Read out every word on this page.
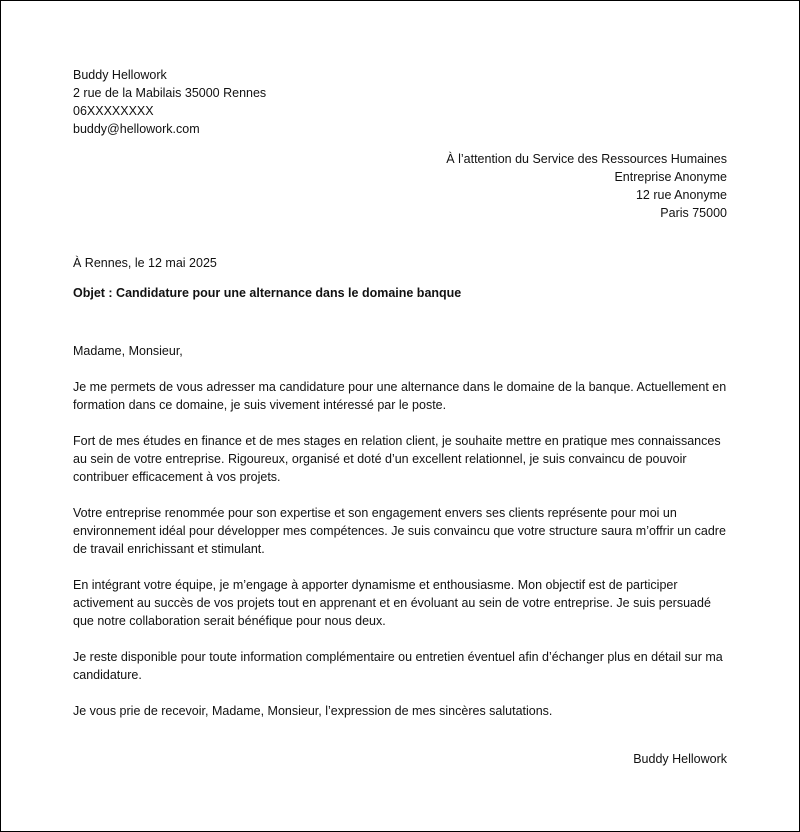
Buddy Hellowork
2 rue de la Mabilais 35000 Rennes
06XXXXXXXX
buddy@hellowork.com
À l’attention du Service des Ressources Humaines
Entreprise Anonyme
12 rue Anonyme
Paris 75000
À Rennes, le 12 mai 2025
Objet : Candidature pour une alternance dans le domaine banque
Madame, Monsieur,

Je me permets de vous adresser ma candidature pour une alternance dans le domaine de la banque. Actuellement en formation dans ce domaine, je suis vivement intéressé par le poste.

Fort de mes études en finance et de mes stages en relation client, je souhaite mettre en pratique mes connaissances au sein de votre entreprise. Rigoureux, organisé et doté d’un excellent relationnel, je suis convaincu de pouvoir contribuer efficacement à vos projets.

Votre entreprise renommée pour son expertise et son engagement envers ses clients représente pour moi un environnement idéal pour développer mes compétences. Je suis convaincu que votre structure saura m’offrir un cadre de travail enrichissant et stimulant.

En intégrant votre équipe, je m’engage à apporter dynamisme et enthousiasme. Mon objectif est de participer activement au succès de vos projets tout en apprenant et en évoluant au sein de votre entreprise. Je suis persuadé que notre collaboration serait bénéfique pour nous deux.

Je reste disponible pour toute information complémentaire ou entretien éventuel afin d’échanger plus en détail sur ma candidature.

Je vous prie de recevoir, Madame, Monsieur, l’expression de mes sincères salutations.

Buddy Hellowork
